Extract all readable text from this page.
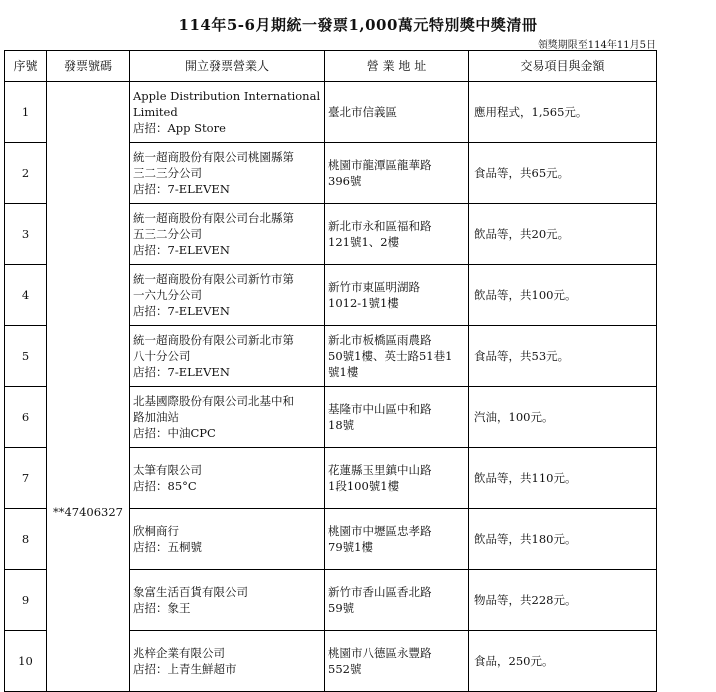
114年5-6月期統一發票1,000萬元特別獎中獎清冊
領獎期限至114年11月5日
序號	發票號碼	開立發票營業人	營 業 地 址	交易項目與金額
1	**47406327	Apple Distribution International
Limited
店招：App Store	臺北市信義區	應用程式，1,565元。
2		統一超商股份有限公司桃園縣第
三二三分公司
店招：7-ELEVEN	桃園市龍潭區龍華路
396號	食品等，共65元。
3		統一超商股份有限公司台北縣第
五三二分公司
店招：7-ELEVEN	新北市永和區福和路
121號1、2樓	飲品等，共20元。
4		統一超商股份有限公司新竹市第
一六九分公司
店招：7-ELEVEN	新竹市東區明湖路
1012-1號1樓	飲品等，共100元。
5		統一超商股份有限公司新北市第
八十分公司
店招：7-ELEVEN	新北市板橋區雨農路
50號1樓、英士路51巷1
號1樓	食品等，共53元。
6		北基國際股份有限公司北基中和
路加油站
店招：中油CPC	基隆市中山區中和路
18號	汽油，100元。
7		太筆有限公司
店招：85°C	花蓮縣玉里鎮中山路
1段100號1樓	飲品等，共110元。
8		欣桐商行
店招：五桐號	桃園市中壢區忠孝路
79號1樓	飲品等，共180元。
9		象富生活百貨有限公司
店招：象王	新竹市香山區香北路
59號	物品等，共228元。
10		兆梓企業有限公司
店招：上青生鮮超市	桃園市八德區永豐路
552號	食品，250元。
